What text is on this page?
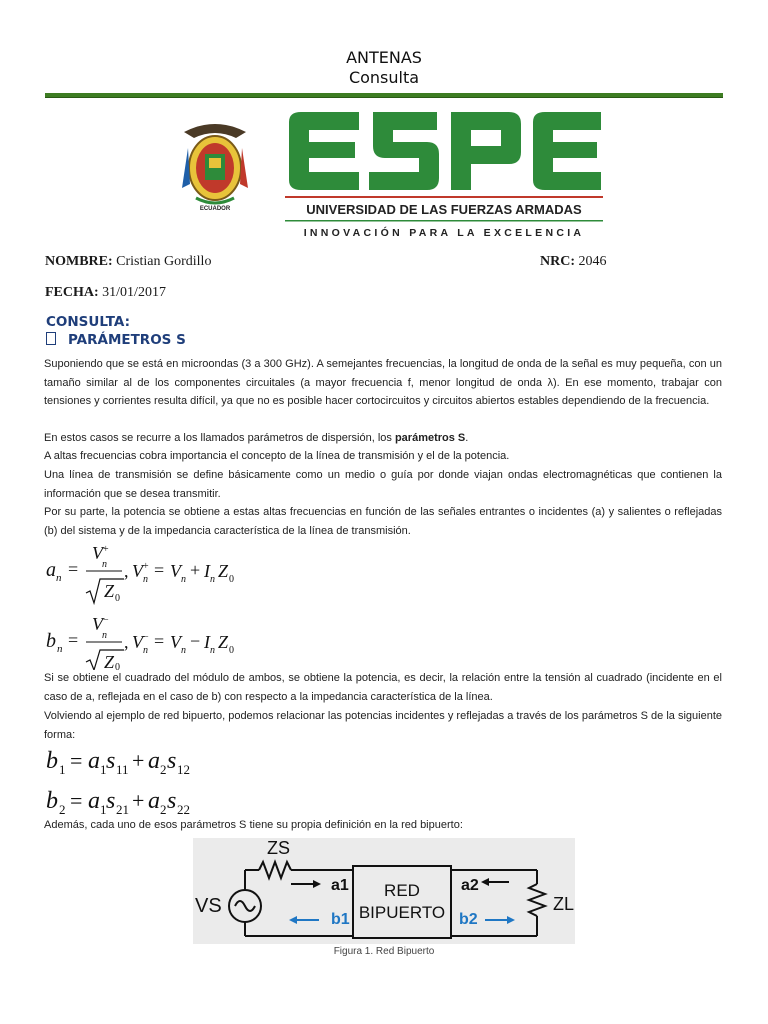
ANTENAS
Consulta
ECUADOR	UNIVERSIDAD DE LAS FUERZAS ARMADAS
INNOVACIÓN PARA LA EXCELENCIA
NOMBRE: Cristian Gordillo	NRC: 2046
FECHA: 31/01/2017
CONSULTA:
PARÁMETROS S

Suponiendo que se está en microondas (3 a 300 GHz). A semejantes frecuencias, la longitud de onda de la señal es muy pequeña, con un tamaño similar al de los componentes circuitales (a mayor frecuencia f, menor longitud de onda λ). En ese momento, trabajar con tensiones y corrientes resulta difícil, ya que no es posible hacer cortocircuitos y circuitos abiertos estables dependiendo de la frecuencia.

En estos casos se recurre a los llamados parámetros de dispersión, los parámetros S.

A altas frecuencias cobra importancia el concepto de la línea de transmisión y el de la potencia.

Una línea de transmisión se define básicamente como un medio o guía por donde viajan ondas electromagnéticas que contienen la información que se desea transmitir.

Por su parte, la potencia se obtiene a estas altas frecuencias en función de las señales entrantes o incidentes (a) y salientes o reflejadas (b) del sistema y de la impedancia característica de la línea de transmisión.

a n =
V +
n
Z 0
, V +
n = V n + I n Z 0
b n =
V −
n
Z 0
, V −
n = V n − I n Z 0

Si se obtiene el cuadrado del módulo de ambos, se obtiene la potencia, es decir, la relación entre la tensión al cuadrado (incidente en el caso de a, reflejada en el caso de b) con respecto a la impedancia característica de la línea.

Volviendo al ejemplo de red bipuerto, podemos relacionar las potencias incidentes y reflejadas a través de los parámetros S de la siguiente forma:

b 1 = a 1 s 11 + a 2 s 12
b 2 = a 1 s 21 + a 2 s 22

Además, cada uno de esos parámetros S tiene su propia definición en la red bipuerto:

VS
ZS
ZL
RED
BIPUERTO
a1	a2
b1	b2
Figura 1. Red Bipuerto
